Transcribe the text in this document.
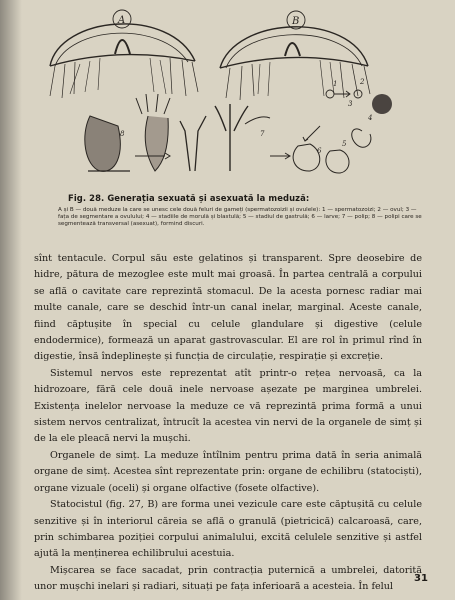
A	B
1	2
3
4
5
6
7
8
Fig. 28. Generația sexuată și asexuată la meduză:
A și B — două meduze la care se unesc cele două feluri de gameți (spermatozoizii și ovulele): 1 — spermatozoizi; 2 — ovul; 3 — fața de segmentare a ovulului; 4 — stadiile de morulă și blastulă; 5 — stadiul de gastrulă; 6 — larve; 7 — polip; 8 — polipi care se segmentează transversal (asexuat), formind discuri.

sînt tentacule. Corpul său este gelatinos și transparent. Spre deosebire de hidre, pătura de mezoglee este mult mai groasă. În partea centrală a corpului se află o cavitate care reprezintă stomacul. De la acesta pornesc radiar mai multe canale, care se deschid într-un canal inelar, marginal. Aceste canale, fiind căptușite în special cu celule glandulare și digestive (celule endodermice), formează un aparat gastrovascular. El are rol în primul rînd în digestie, însă îndeplinește și funcția de circulație, respirație și excreție.

Sistemul nervos este reprezentat atît printr-o rețea nervoasă, ca la hidrozoare, fără cele două inele nervoase așezate pe marginea umbrelei. Existența inelelor nervoase la meduze ce vă reprezintă prima formă a unui sistem nervos centralizat, întrucît la acestea vin nervi de la organele de simț și de la ele pleacă nervi la mușchi.

Organele de simț. La meduze întîlnim pentru prima dată în seria animală organe de simț. Acestea sînt reprezentate prin: organe de echilibru (statociști), organe vizuale (oceli) și organe olfactive (fosete olfactive).

Statocistul (fig. 27, B) are forma unei vezicule care este căptușită cu celule senzitive și în interiorul căreia se află o granulă (pietricică) calcaroasă, care, prin schimbarea poziției corpului animalului, excită celulele senzitive și astfel ajută la menținerea echilibrului acestuia.

Mișcarea se face sacadat, prin contracția puternică a umbrelei, datorită unor mușchi inelari și radiari, situați pe fața inferioară a acesteia. În felul

31
